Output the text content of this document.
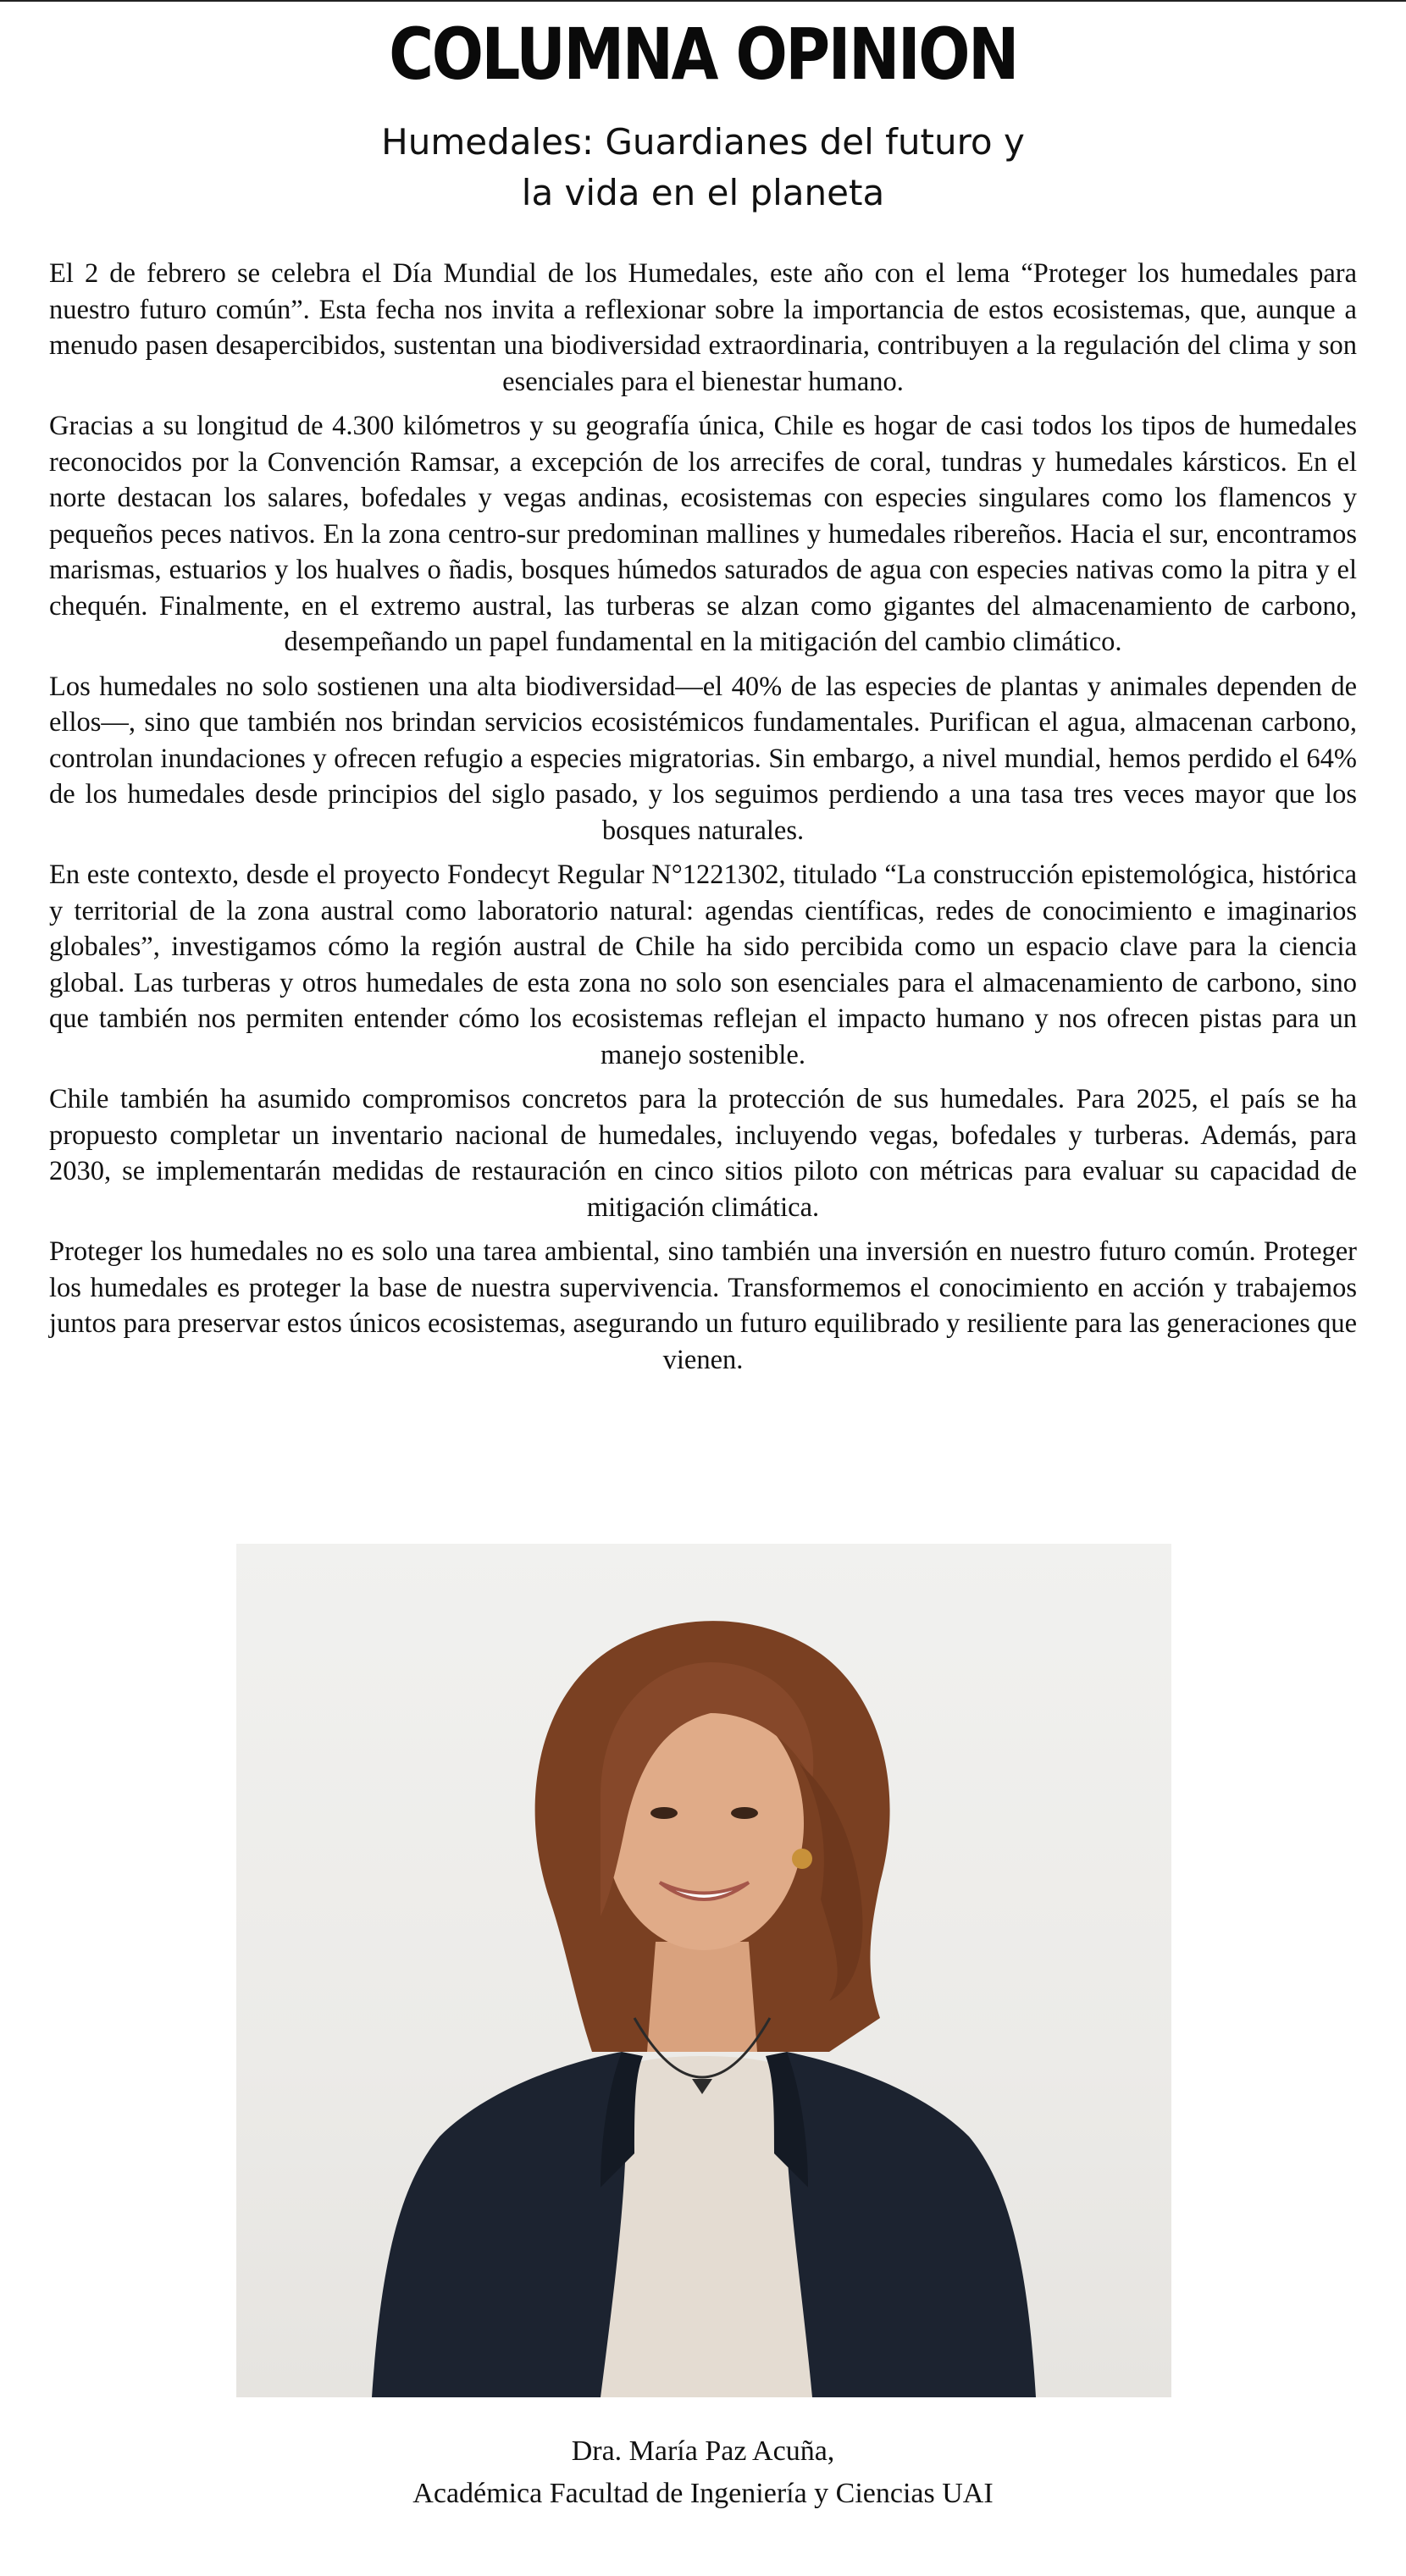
COLUMNA OPINION
Humedales: Guardianes del futuro y
la vida en el planeta

El 2 de febrero se celebra el Día Mundial de los Humedales, este año con el lema “Proteger los humedales para nuestro futuro común”. Esta fecha nos invita a reflexionar sobre la importancia de estos ecosistemas, que, aunque a menudo pasen desapercibidos, sustentan una biodiversidad extraordinaria, contribuyen a la regulación del clima y son esenciales para el bienestar humano.

Gracias a su longitud de 4.300 kilómetros y su geografía única, Chile es hogar de casi todos los tipos de humedales reconocidos por la Convención Ramsar, a excepción de los arrecifes de coral, tundras y humedales kársticos. En el norte destacan los salares, bofedales y vegas andinas, ecosistemas con especies singulares como los flamencos y pequeños peces nativos. En la zona centro-sur predominan mallines y humedales ribereños. Hacia el sur, encontramos marismas, estuarios y los hualves o ñadis, bosques húmedos saturados de agua con especies nativas como la pitra y el chequén. Finalmente, en el extremo austral, las turberas se alzan como gigantes del almacenamiento de carbono, desempeñando un papel fundamental en la mitigación del cambio climático.

Los humedales no solo sostienen una alta biodiversidad—el 40% de las especies de plantas y animales dependen de ellos—, sino que también nos brindan servicios ecosistémicos fundamentales. Purifican el agua, almacenan carbono, controlan inundaciones y ofrecen refugio a especies migratorias. Sin embargo, a nivel mundial, hemos perdido el 64% de los humedales desde principios del siglo pasado, y los seguimos perdiendo a una tasa tres veces mayor que los bosques naturales.

En este contexto, desde el proyecto Fondecyt Regular N°1221302, titulado “La construcción epistemológica, histórica y territorial de la zona austral como laboratorio natural: agendas científicas, redes de conocimiento e imaginarios globales”, investigamos cómo la región austral de Chile ha sido percibida como un espacio clave para la ciencia global. Las turberas y otros humedales de esta zona no solo son esenciales para el almacenamiento de carbono, sino que también nos permiten entender cómo los ecosistemas reflejan el impacto humano y nos ofrecen pistas para un manejo sostenible.

Chile también ha asumido compromisos concretos para la protección de sus humedales. Para 2025, el país se ha propuesto completar un inventario nacional de humedales, incluyendo vegas, bofedales y turberas. Además, para 2030, se implementarán medidas de restauración en cinco sitios piloto con métricas para evaluar su capacidad de mitigación climática.

Proteger los humedales no es solo una tarea ambiental, sino también una inversión en nuestro futuro común. Proteger los humedales es proteger la base de nuestra supervivencia. Transformemos el conocimiento en acción y trabajemos juntos para preservar estos únicos ecosistemas, asegurando un futuro equilibrado y resiliente para las generaciones que vienen.

Dra. María Paz Acuña,
Académica Facultad de Ingeniería y Ciencias UAI
